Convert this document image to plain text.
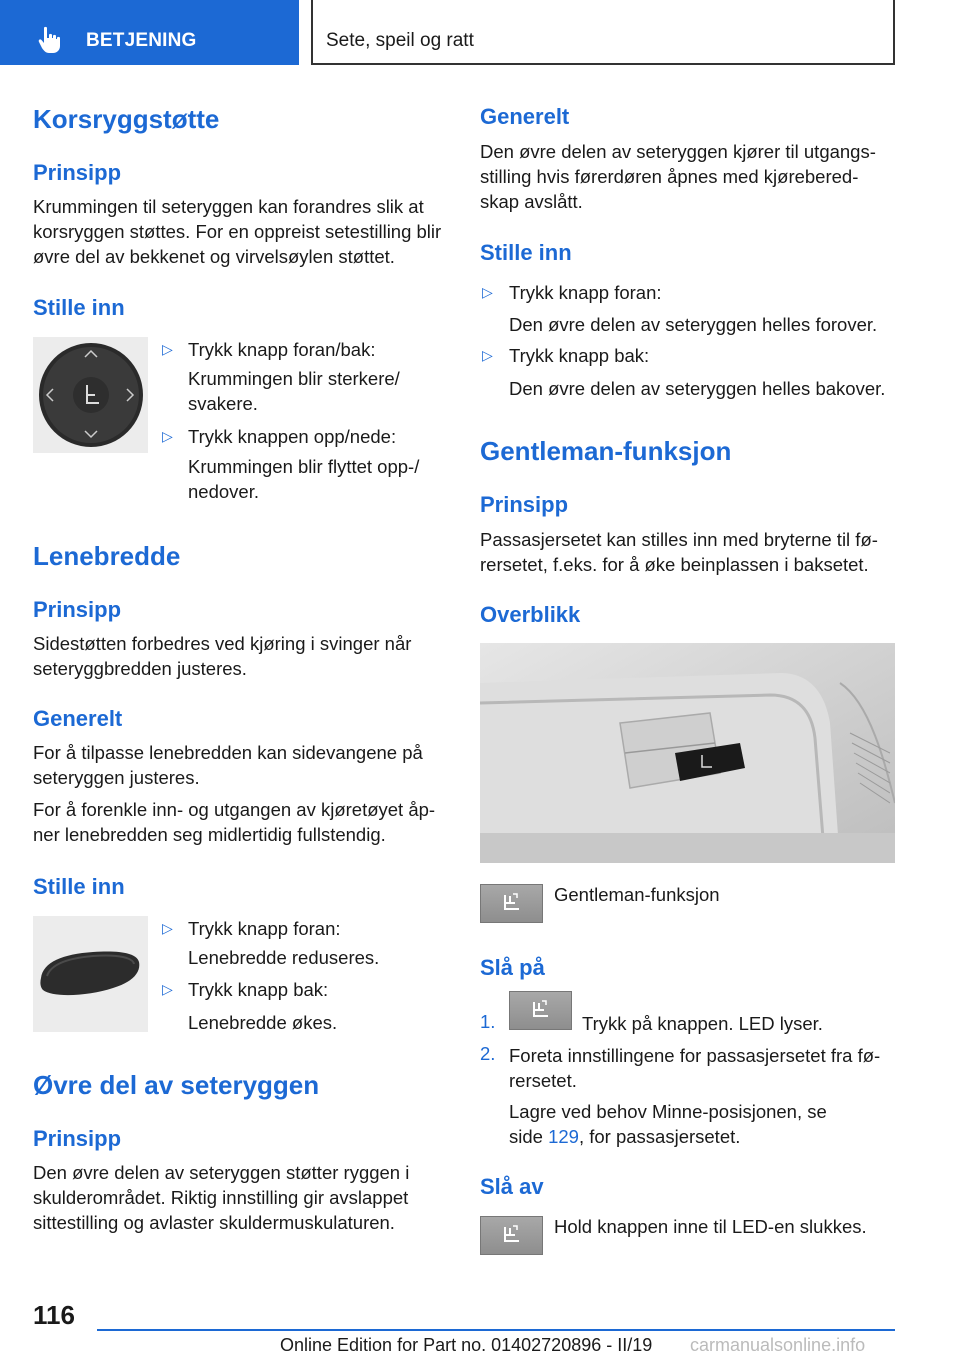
BETJENING	Sete, speil og ratt
Korsryggstøtte
Prinsipp
Krummingen til seteryggen kan forandres slik at korsryggen støttes. For en oppreist setestilling blir øvre del av bekkenet og virvelsøylen støttet.
Stille inn
▷ Trykk knapp foran/bak:
Krummingen blir sterkere/ svakere.
▷ Trykk knappen opp/nede:
Krummingen blir flyttet opp-/ nedover.
Lenebredde
Prinsipp
Sidestøtten forbedres ved kjøring i svinger når seteryggbredden justeres.
Generelt
For å tilpasse lenebredden kan sidevangene på seteryggen justeres.
For å forenkle inn- og utgangen av kjøretøyet åp‐ ner lenebredden seg midlertidig fullstendig.
Stille inn
▷ Trykk knapp foran:
Lenebredde reduseres.
▷ Trykk knapp bak:
Lenebredde økes.
Øvre del av seteryggen
Prinsipp
Den øvre delen av seteryggen støtter ryggen i skulderområdet. Riktig innstilling gir avslappet sittestilling og avlaster skuldermuskulaturen.
Generelt
Den øvre delen av seteryggen kjører til utgangs‐ stilling hvis førerdøren åpnes med kjørebered‐ skap avslått.
Stille inn
▷ Trykk knapp foran:
Den øvre delen av seteryggen helles forover.
▷ Trykk knapp bak:
Den øvre delen av seteryggen helles bakover.
Gentleman-funksjon
Prinsipp
Passasjersetet kan stilles inn med bryterne til fø‐ rersetet, f.eks. for å øke beinplassen i baksetet.
Overblikk
Gentleman-funksjon
Slå på
1.	Trykk på knappen. LED lyser.
2. Foreta innstillingene for passasjersetet fra fø‐ rersetet.
Lagre ved behov Minne-posisjonen, se
side 129, for passasjersetet.
Slå av
Hold knappen inne til LED-en slukkes.
116
Online Edition for Part no. 01402720896 - II/19 carmanualsonline.info
